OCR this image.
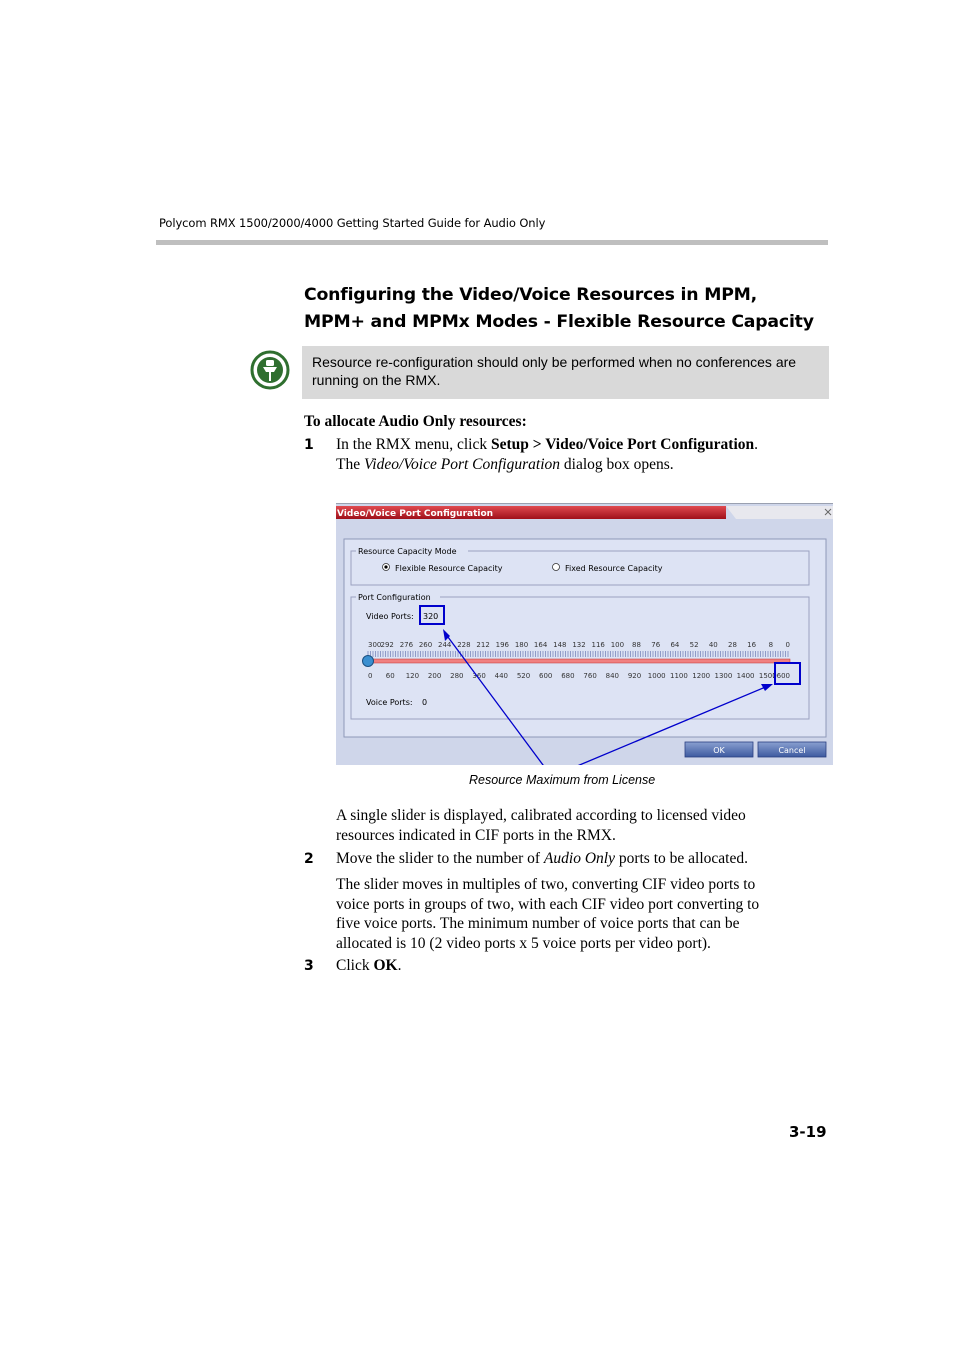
Polycom RMX 1500/2000/4000 Getting Started Guide for Audio Only
Configuring the Video/Voice Resources in MPM,
MPM+ and MPMx Modes - Flexible Resource Capacity
Resource re-configuration should only be performed when no conferences are
running on the RMX.
To allocate Audio Only resources:
1 In the RMX menu, click Setup > Video/Voice Port Configuration.
The Video/Voice Port Configuration dialog box opens.
Video/Voice Port Configuration
Resource Capacity Mode
Flexible Resource Capacity	Fixed Resource Capacity
Port Configuration
Video Ports: 320
300 292 276 260 244 228 212 196 180 164 148 132 116 100 88 76 64 52 40 28 16 8 0
0 60 120 200 280 360 440 520 600 680 760 840 920 1000 1100 1200 1300 1400 1500
1600
Voice Ports: 0
OK	Cancel
Resource Maximum from License
A single slider is displayed, calibrated according to licensed video
resources indicated in CIF ports in the RMX.
2 Move the slider to the number of Audio Only ports to be allocated.
The slider moves in multiples of two, converting CIF video ports to
voice ports in groups of two, with each CIF video port converting to
five voice ports. The minimum number of voice ports that can be
allocated is 10 (2 video ports x 5 voice ports per video port).
3 Click OK.
3-19
